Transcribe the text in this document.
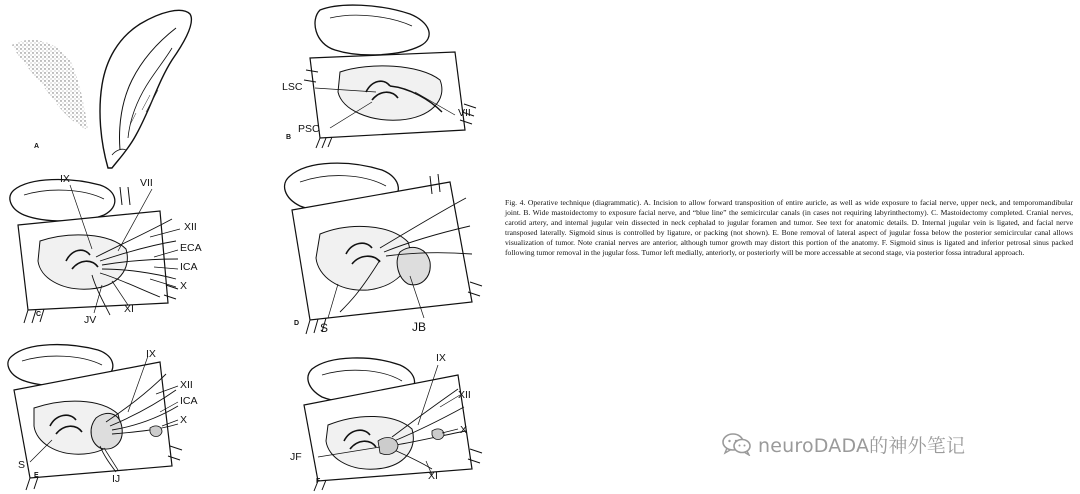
A
LSC
PSC
VII
B
IX	VII
XII
ECA
ICA
X
XI
JV
C
S	JB
D
IX
XII
ICA
X
S
IJ
E
IX
XII
X
JF
XI
F
Fig. 4. Operative technique (diagrammatic). A. Incision to allow forward transposition of entire auricle, as well as wide exposure to facial nerve, upper neck, and temporomandibular joint. B. Wide mastoidectomy to exposure facial nerve, and “blue line” the semicircular canals (in cases not requiring labyrinthectomy). C. Mastoidectomy completed. Cranial nerves, carotid artery, and internal jugular vein dissected in neck cephalad to jugular foramen and tumor. See text for anatomic details. D. Internal jugular vein is ligated, and facial nerve transposed laterally. Sigmoid sinus is controlled by ligature, or packing (not shown). E. Bone removal of lateral aspect of jugular fossa below the posterior semicircular canal allows visualization of tumor. Note cranial nerves are anterior, although tumor growth may distort this portion of the anatomy. F. Sigmoid sinus is ligated and inferior petrosal sinus packed following tumor removal in the jugular foss. Tumor left medially, anteriorly, or posteriorly will be more accessable at second stage, via posterior fossa intradural approach.
neuroDADA的神外笔记
